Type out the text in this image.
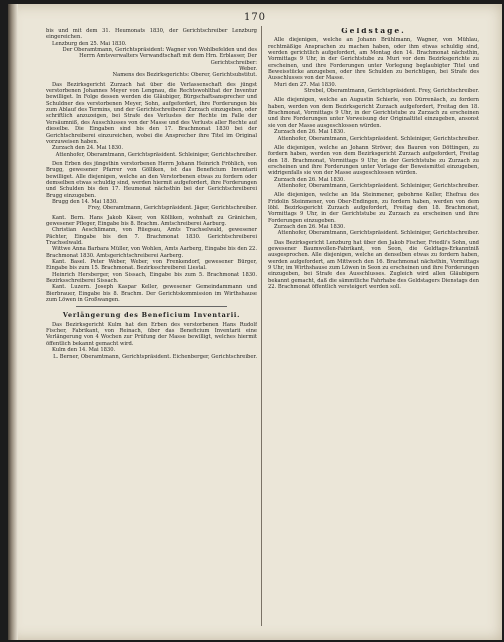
170

bis und mit dem 31. Heumonats 1830, der Gerichtschreiber Lenzburg eingereichen.

Lenzburg den 25. Mai 1830.

Der Oberamtmann, Gerichtspräsident: Wagner von Wohlbefelden und des Herrn Amtsverwalters Verwandtschaft mit dem Hrn. Erblasser, Der Gerichtschreiber:

Weber.

Namens des Bezirksgerichts: Oberer, Gerichtsubstitut.

Das Bezirksgericht Zurzach hat über die Verlassenschaft des jüngst verstorbenen Johannes Meyer von Lengnau, die Rechtswohlthat der Inventur bewilliget. In Folge dessen werden die Gläubiger, Bürgschaftsansprecher und Schuldner des verstorbenen Meyer, Sohn, aufgefordert, ihre Forderungen bis zum Ablauf des Termins, und der Gerichtschreiberei Zurzach einzugeben, oder schriftlich anzuzeigen, bei Strafe des Verlustes der Rechte im Falle der Versäumniß, des Ausschlusses von der Masse und des Verlusts aller Rechte auf dieselbe. Die Eingaben sind bis den 17. Brachmonat 1830 bei der Gerichtschreiberei einzureichen, wobei die Ansprecher ihre Titel im Original vorzuweisen haben.

Zurzach den 24. Mai 1830.

Attenhofer, Oberamtmann, Gerichtspräsident. Schleiniger, Gerichtschreiber.

Den Erben des jüngsthin verstorbenen Herrn Johann Heinrich Fröhlich, von Brugg, gewesener Pfarrer von Gölliken, ist das Beneficium Inventarii bewilliget. Alle diejenigen, welche an den Verstorbenen etwas zu fordern oder demselben etwas schuldig sind, werden hiermit aufgefordert, ihre Forderungen und Schulden bis den 17. Heumonat nächsthin bei der Gerichtschreiberei Brugg einzugeben.

Brugg den 14. Mai 1830.

Frey, Oberamtmann, Gerichtspräsident. Jäger, Gerichtschreiber.

Kant. Bern. Hans Jakob Käser, von Kölliken, wohnhaft zu Gränichen, gewesener Pfleger, Eingabe bis 8. Brachm. Amtschreiberei Aarburg.

Christian Aeschlimann, von Rüegsau, Amts Trachselwald, gewesener Pächter, Eingabe bis den 7. Brachmonat 1830. Gerichtschreiberei Trachselwald.

Wittwe Anna Barbara Müller, von Wohlen, Amts Aarberg, Eingabe bis den 22. Brachmonat 1830. Amtsgerichtschreiberei Aarberg.

Kant. Basel. Peter Weber, Weber, von Frenkendorf, gewesener Bürger, Eingabe bis zum 15. Brachmonat. Bezirksschreiberei Liestal.

Heinrich Hersberger, von Sissach, Eingabe bis zum 5. Brachmonat 1830. Bezirksschreiberei Sissach.

Kant. Luzern. Joseph Kaspar Keller, gewesener Gemeindammann und Bierbrauer, Eingabe bis 8. Brachm. Der Gerichtskommission im Wirthshause zum Löwen in Großwangen.

Verlängerung des Beneficium Inventarii.

Das Bezirksgericht Kulm hat den Erben des verstorbenen Hans Rudolf Fischer, Fabrikant, von Reinach, über das Beneficium Inventarii eine Verlängerung von 4 Wochen zur Prüfung der Masse bewilligt, welches hiermit öffentlich bekannt gemacht wird.

Kulm den 14. Mai 1830.

L. Berner, Oberamtmann, Gerichtspräsident. Eichenberger, Gerichtschreiber.

Geldstage.

Alle diejenigen, welche an Johann Brühlmann, Wagner, von Mühlau, rechtmäßige Ansprachen zu machen haben, oder ihm etwas schuldig sind, werden gerichtlich aufgefordert, am Montag den 14. Brachmonat nächsthin, Vormittags 9 Uhr, in der Gerichtstube zu Muri vor dem Bezirksgerichte zu erscheinen, und ihre Forderungen unter Vorlegung beglaubigter Titel und Beweisstücke anzugeben, oder ihre Schulden zu berichtigen, bei Strafe des Ausschlusses von der Masse.

Muri den 27. Mai 1830.

Strebel, Oberamtmann, Gerichtspräsident. Frey, Gerichtschreiber.

Alle diejenigen, welche an Augustin Schierle, von Dürrenäsch, zu fordern haben, werden von dem Bezirksgericht Zurzach aufgefordert, Freitag den 18. Brachmonat, Vormittags 9 Uhr, in der Gerichtstube zu Zurzach zu erscheinen und ihre Forderungen unter Vorweisung der Originaltitel einzugeben, ansonst sie von der Masse ausgeschlossen würden.

Zurzach den 26. Mai 1830.

Attenhofer, Oberamtmann, Gerichtspräsident. Schleiniger, Gerichtschreiber.

Alle diejenigen, welche an Johann Ströver, des Bauren von Döttingen, zu fordern haben, werden von dem Bezirksgericht Zurzach aufgefordert, Freitag den 18. Brachmonat, Vormittags 9 Uhr, in der Gerichtstube zu Zurzach zu erscheinen und ihre Forderungen unter Vorlage der Beweismittel einzugeben, widrigenfalls sie von der Masse ausgeschlossen würden.

Zurzach den 26. Mai 1830.

Attenhofer, Oberamtmann, Gerichtspräsident. Schleiniger, Gerichtschreiber.

Alle diejenigen, welche an Ida Steinmener, gebohrne Keller, Ehefrau des Fridolin Steinmener, von Ober-Endingen, zu fordern haben, werden von dem löbl. Bezirksgericht Zurzach aufgefordert, Freitag den 18. Brachmonat, Vormittags 9 Uhr, in der Gerichtstube zu Zurzach zu erscheinen und ihre Forderungen einzugeben.

Zurzach den 26. Mai 1830.

Attenhofer, Oberamtmann, Gerichtspräsident. Schleiniger, Gerichtschreiber.

Das Bezirksgericht Lenzburg hat über den Jakob Fischer, Friedli's Sohn, und gewesener Baumwollen-Fabrikant, von Seon, die Geldtags-Erkanntniß ausgesprochen. Alle diejenigen, welche an denselben etwas zu fordern haben, werden aufgefordert, am Mittwoch den 16. Brachmonat nächsthin, Vormittags 9 Uhr, im Wirthshause zum Löwen in Seon zu erscheinen und ihre Forderungen einzugeben, bei Strafe des Ausschlusses. Zugleich wird allen Gläubigern bekannt gemacht, daß die sämmtliche Fahrhabe des Geldstagers Dienstags den 22. Brachmonat öffentlich versteigert werden soll.
